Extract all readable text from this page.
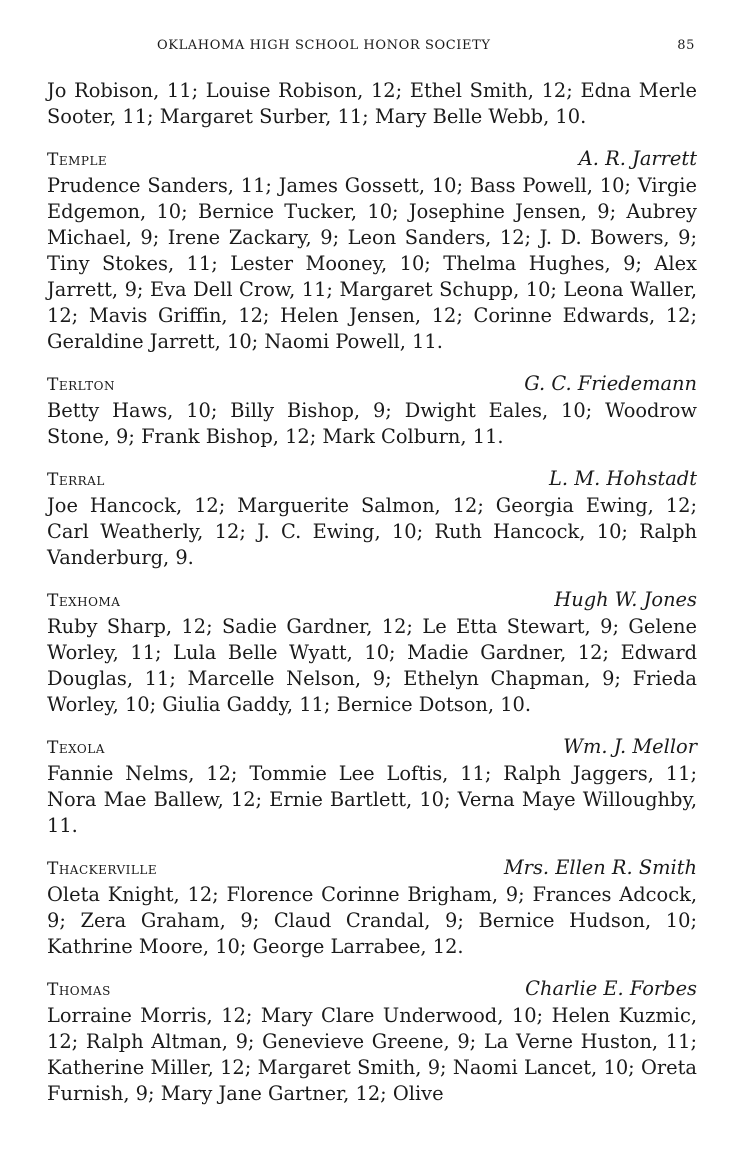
OKLAHOMA HIGH SCHOOL HONOR SOCIETY	85

Jo Robison, 11; Louise Robison, 12; Ethel Smith, 12; Edna Merle Sooter, 11; Margaret Surber, 11; Mary Belle Webb, 10.

Temple	A. R. Jarrett

Prudence Sanders, 11; James Gossett, 10; Bass Powell, 10; Virgie Edgemon, 10; Bernice Tucker, 10; Josephine Jensen, 9; Aubrey Michael, 9; Irene Zackary, 9; Leon Sanders, 12; J. D. Bowers, 9; Tiny Stokes, 11; Lester Mooney, 10; Thelma Hughes, 9; Alex Jarrett, 9; Eva Dell Crow, 11; Margaret Schupp, 10; Leona Waller, 12; Mavis Griffin, 12; Helen Jensen, 12; Corinne Edwards, 12; Geraldine Jarrett, 10; Naomi Powell, 11.

Terlton	G. C. Friedemann

Betty Haws, 10; Billy Bishop, 9; Dwight Eales, 10; Woodrow Stone, 9; Frank Bishop, 12; Mark Colburn, 11.

Terral	L. M. Hohstadt

Joe Hancock, 12; Marguerite Salmon, 12; Georgia Ewing, 12; Carl Weatherly, 12; J. C. Ewing, 10; Ruth Hancock, 10; Ralph Vanderburg, 9.

Texhoma	Hugh W. Jones

Ruby Sharp, 12; Sadie Gardner, 12; Le Etta Stewart, 9; Gelene Worley, 11; Lula Belle Wyatt, 10; Madie Gardner, 12; Edward Douglas, 11; Marcelle Nelson, 9; Ethelyn Chapman, 9; Frieda Worley, 10; Giulia Gaddy, 11; Bernice Dotson, 10.

Texola	Wm. J. Mellor

Fannie Nelms, 12; Tommie Lee Loftis, 11; Ralph Jaggers, 11; Nora Mae Ballew, 12; Ernie Bartlett, 10; Verna Maye Willoughby, 11.

Thackerville	Mrs. Ellen R. Smith

Oleta Knight, 12; Florence Corinne Brigham, 9; Frances Adcock, 9; Zera Graham, 9; Claud Crandal, 9; Bernice Hudson, 10; Kathrine Moore, 10; George Larrabee, 12.

Thomas	Charlie E. Forbes

Lorraine Morris, 12; Mary Clare Underwood, 10; Helen Kuzmic, 12; Ralph Altman, 9; Genevieve Greene, 9; La Verne Huston, 11; Katherine Miller, 12; Margaret Smith, 9; Naomi Lancet, 10; Oreta Furnish, 9; Mary Jane Gartner, 12; Olive
